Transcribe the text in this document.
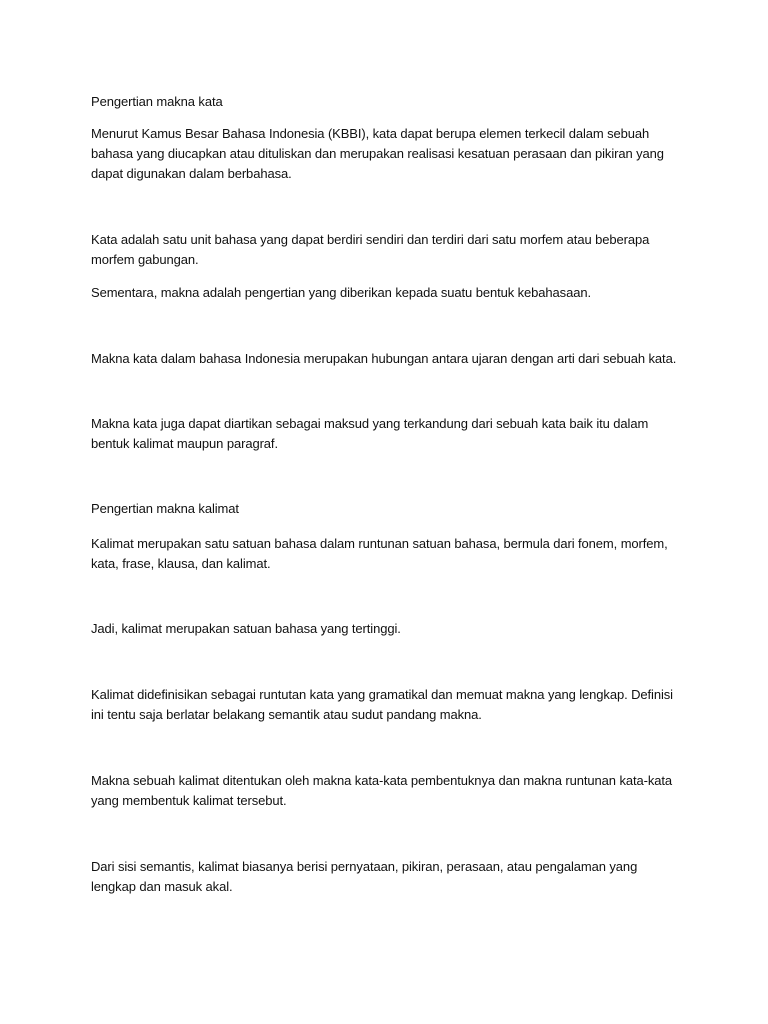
Pengertian makna kata

Menurut Kamus Besar Bahasa Indonesia (KBBI), kata dapat berupa elemen terkecil dalam sebuah bahasa yang diucapkan atau dituliskan dan merupakan realisasi kesatuan perasaan dan pikiran yang dapat digunakan dalam berbahasa.

Kata adalah satu unit bahasa yang dapat berdiri sendiri dan terdiri dari satu morfem atau beberapa morfem gabungan.

Sementara, makna adalah pengertian yang diberikan kepada suatu bentuk kebahasaan.

Makna kata dalam bahasa Indonesia merupakan hubungan antara ujaran dengan arti dari sebuah kata.

Makna kata juga dapat diartikan sebagai maksud yang terkandung dari sebuah kata baik itu dalam bentuk kalimat maupun paragraf.

Pengertian makna kalimat

Kalimat merupakan satu satuan bahasa dalam runtunan satuan bahasa, bermula dari fonem, morfem, kata, frase, klausa, dan kalimat.

Jadi, kalimat merupakan satuan bahasa yang tertinggi.

Kalimat didefinisikan sebagai runtutan kata yang gramatikal dan memuat makna yang lengkap. Definisi ini tentu saja berlatar belakang semantik atau sudut pandang makna.

Makna sebuah kalimat ditentukan oleh makna kata-kata pembentuknya dan makna runtunan kata-kata yang membentuk kalimat tersebut.

Dari sisi semantis, kalimat biasanya berisi pernyataan, pikiran, perasaan, atau pengalaman yang lengkap dan masuk akal.
